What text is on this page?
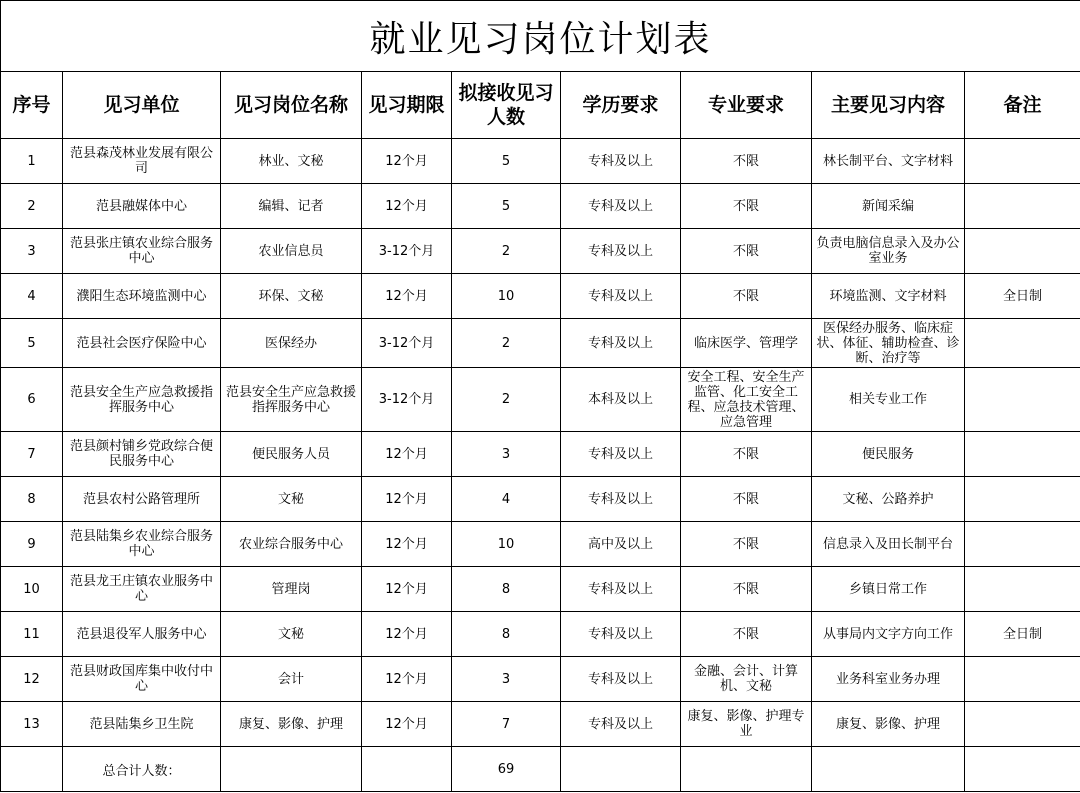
就业见习岗位计划表								
序号	见习单位	见习岗位名称	见习期限	拟接收见习人数	学历要求	专业要求	主要见习内容	备注
1	范县森茂林业发展有限公司	林业、文秘	12个月	5	专科及以上	不限	林长制平台、文字材料	
2	范县融媒体中心	编辑、记者	12个月	5	专科及以上	不限	新闻采编	
3	范县张庄镇农业综合服务中心	农业信息员	3-12个月	2	专科及以上	不限	负责电脑信息录入及办公室业务	
4	濮阳生态环境监测中心	环保、文秘	12个月	10	专科及以上	不限	环境监测、文字材料	全日制
5	范县社会医疗保险中心	医保经办	3-12个月	2	专科及以上	临床医学、管理学	医保经办服务、临床症状、体征、辅助检查、诊断、治疗等	
6	范县安全生产应急救援指挥服务中心	范县安全生产应急救援指挥服务中心	3-12个月	2	本科及以上	安全工程、安全生产监管、化工安全工程、应急技术管理、应急管理	相关专业工作	
7	范县颜村铺乡党政综合便民服务中心	便民服务人员	12个月	3	专科及以上	不限	便民服务	
8	范县农村公路管理所	文秘	12个月	4	专科及以上	不限	文秘、公路养护	
9	范县陆集乡农业综合服务中心	农业综合服务中心	12个月	10	高中及以上	不限	信息录入及田长制平台	
10	范县龙王庄镇农业服务中心	管理岗	12个月	8	专科及以上	不限	乡镇日常工作	
11	范县退役军人服务中心	文秘	12个月	8	专科及以上	不限	从事局内文字方向工作	全日制
12	范县财政国库集中收付中心	会计	12个月	3	专科及以上	金融、会计、计算机、文秘	业务科室业务办理	
13	范县陆集乡卫生院	康复、影像、护理	12个月	7	专科及以上	康复、影像、护理专业	康复、影像、护理	
	总合计人数：			69				
